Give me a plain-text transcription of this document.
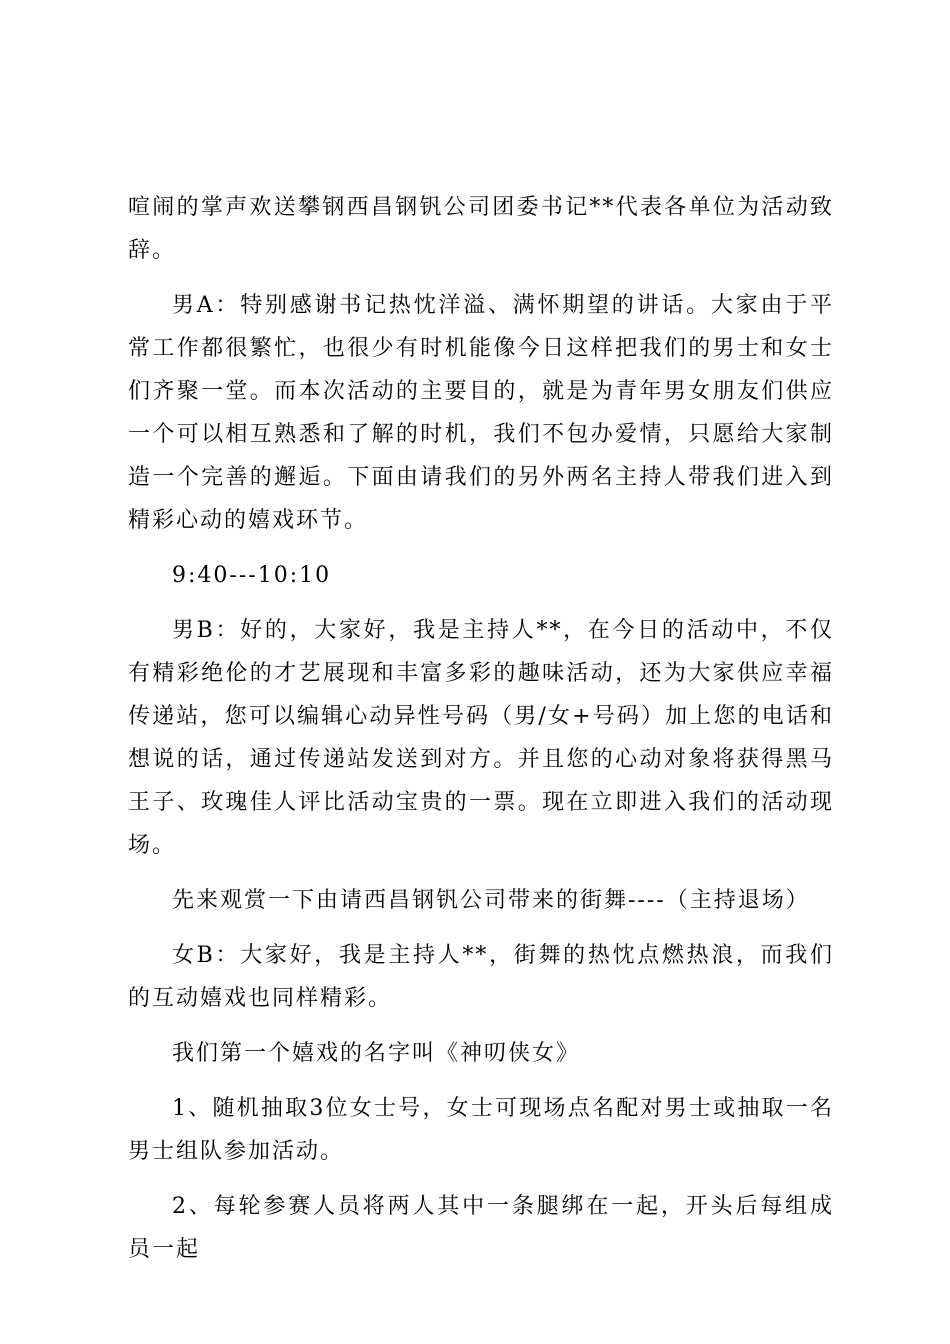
喧闹的掌声欢送攀钢西昌钢钒公司团委书记**代表各单位为活动致辞。

男A：特别感谢书记热忱洋溢、满怀期望的讲话。大家由于平常工作都很繁忙，也很少有时机能像今日这样把我们的男士和女士们齐聚一堂。而本次活动的主要目的，就是为青年男女朋友们供应一个可以相互熟悉和了解的时机，我们不包办爱情，只愿给大家制造一个完善的邂逅。下面由请我们的另外两名主持人带我们进入到精彩心动的嬉戏环节。

9:40---10:10

男B：好的，大家好，我是主持人**，在今日的活动中，不仅有精彩绝伦的才艺展现和丰富多彩的趣味活动，还为大家供应幸福传递站，您可以编辑心动异性号码（男/女+号码）加上您的电话和想说的话，通过传递站发送到对方。并且您的心动对象将获得黑马王子、玫瑰佳人评比活动宝贵的一票。现在立即进入我们的活动现场。

先来观赏一下由请西昌钢钒公司带来的街舞----（主持退场）

女B：大家好，我是主持人**，街舞的热忱点燃热浪，而我们的互动嬉戏也同样精彩。

我们第一个嬉戏的名字叫《神叨侠女》

1、随机抽取3位女士号，女士可现场点名配对男士或抽取一名男士组队参加活动。

2、每轮参赛人员将两人其中一条腿绑在一起，开头后每组成员一起
